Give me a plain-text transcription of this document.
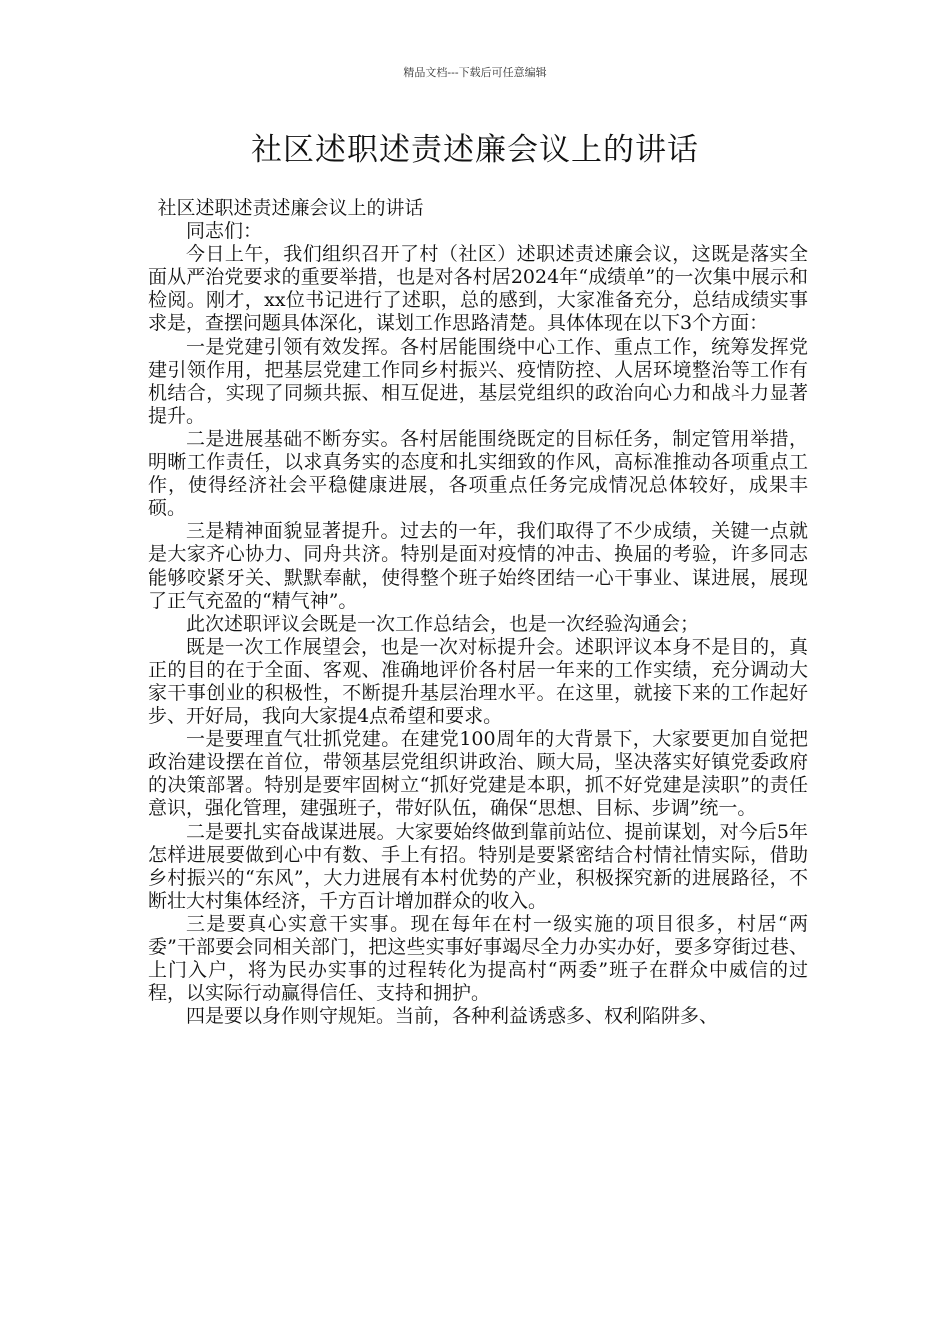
精品文档---下载后可任意编辑
社区述职述责述廉会议上的讲话

社区述职述责述廉会议上的讲话

同志们：

今日上午，我们组织召开了村（社区）述职述责述廉会议，这既是落实全面从严治党要求的重要举措，也是对各村居2024年“成绩单”的一次集中展示和检阅。刚才，xx位书记进行了述职，总的感到，大家准备充分，总结成绩实事求是，查摆问题具体深化，谋划工作思路清楚。具体体现在以下3个方面：

一是党建引领有效发挥。各村居能围绕中心工作、重点工作，统筹发挥党建引领作用，把基层党建工作同乡村振兴、疫情防控、人居环境整治等工作有机结合，实现了同频共振、相互促进，基层党组织的政治向心力和战斗力显著提升。

二是进展基础不断夯实。各村居能围绕既定的目标任务，制定管用举措，明晰工作责任，以求真务实的态度和扎实细致的作风，高标准推动各项重点工作，使得经济社会平稳健康进展，各项重点任务完成情况总体较好，成果丰硕。

三是精神面貌显著提升。过去的一年，我们取得了不少成绩，关键一点就是大家齐心协力、同舟共济。特别是面对疫情的冲击、换届的考验，许多同志能够咬紧牙关、默默奉献，使得整个班子始终团结一心干事业、谋进展，展现了正气充盈的“精气神”。

此次述职评议会既是一次工作总结会，也是一次经验沟通会；

既是一次工作展望会，也是一次对标提升会。述职评议本身不是目的，真正的目的在于全面、客观、准确地评价各村居一年来的工作实绩，充分调动大家干事创业的积极性，不断提升基层治理水平。在这里，就接下来的工作起好步、开好局，我向大家提4点希望和要求。

一是要理直气壮抓党建。在建党100周年的大背景下，大家要更加自觉把政治建设摆在首位，带领基层党组织讲政治、顾大局，坚决落实好镇党委政府的决策部署。特别是要牢固树立“抓好党建是本职，抓不好党建是渎职”的责任意识，强化管理，建强班子，带好队伍，确保“思想、目标、步调”统一。

二是要扎实奋战谋进展。大家要始终做到靠前站位、提前谋划，对今后5年怎样进展要做到心中有数、手上有招。特别是要紧密结合村情社情实际，借助乡村振兴的“东风”，大力进展有本村优势的产业，积极探究新的进展路径，不断壮大村集体经济，千方百计增加群众的收入。

三是要真心实意干实事。现在每年在村一级实施的项目很多，村居“两委”干部要会同相关部门，把这些实事好事竭尽全力办实办好，要多穿街过巷、上门入户，将为民办实事的过程转化为提高村“两委”班子在群众中威信的过程，以实际行动赢得信任、支持和拥护。

四是要以身作则守规矩。当前，各种利益诱惑多、权利陷阱多、
